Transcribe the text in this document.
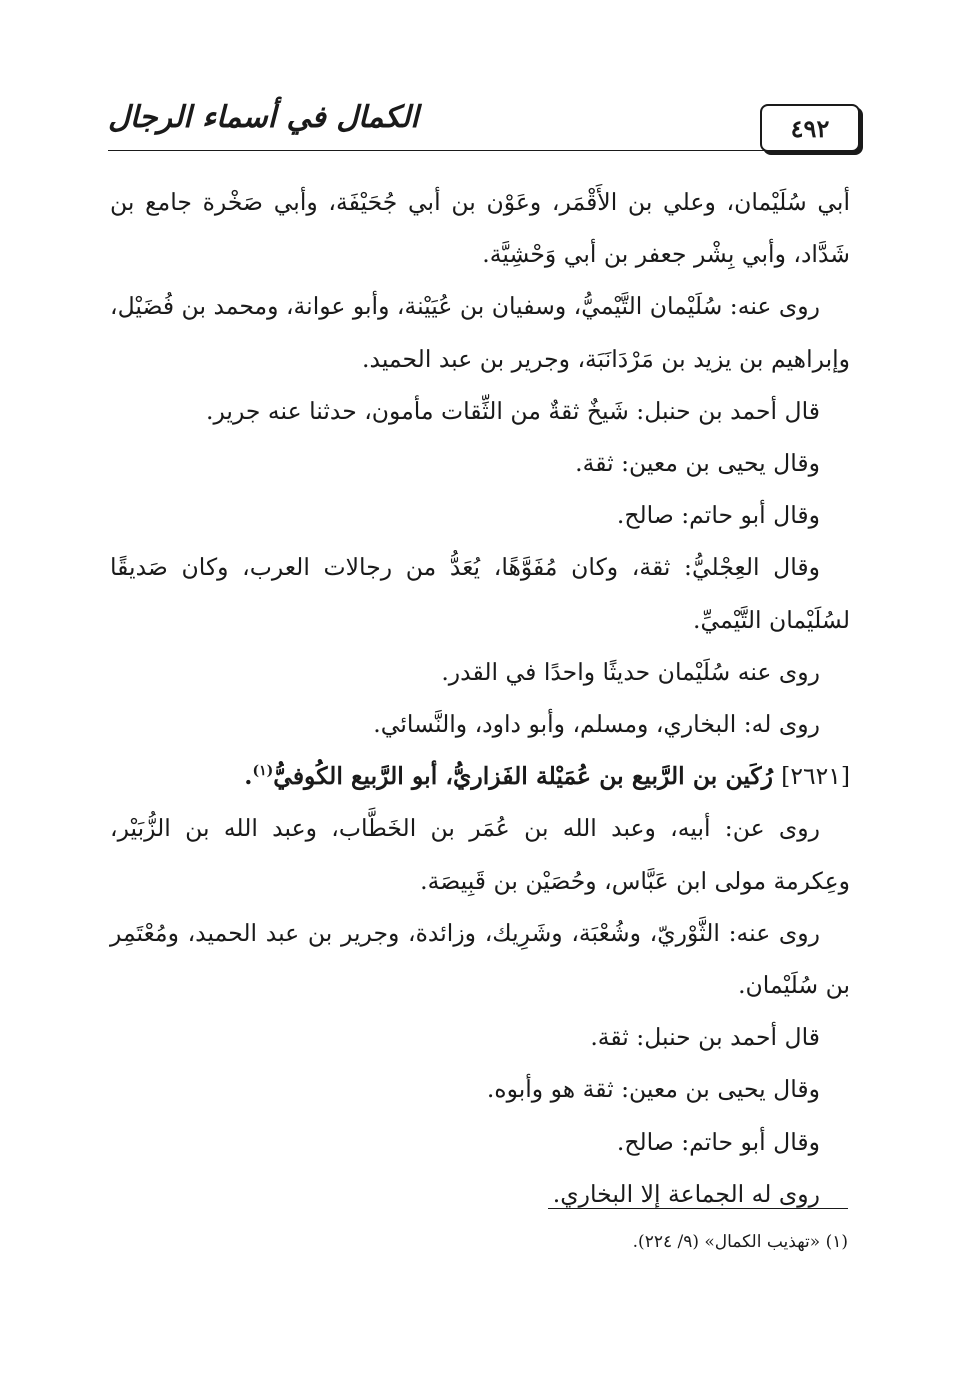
٤٩٢
الكمال في أسماء الرجال

أبي سُلَيْمان، وعلي بن الأَقْمَر، وعَوْن بن أبي جُحَيْفَة، وأبي صَخْرة جامع بن شَدَّاد، وأبي بِشْر جعفر بن أبي وَحْشِيَّة.

روى عنه: سُلَيْمان التَّيْميُّ، وسفيان بن عُيَيْنة، وأبو عوانة، ومحمد بن فُضَيْل، وإبراهيم بن يزيد بن مَرْدَانَبَة، وجرير بن عبد الحميد.

قال أحمد بن حنبل: شَيخٌ ثقةٌ من الثِّقات مأمون، حدثنا عنه جرير.

وقال يحيى بن معين: ثقة.

وقال أبو حاتم: صالح.

وقال العِجْليُّ: ثقة، وكان مُفَوَّهًا، يُعَدُّ من رجالات العرب، وكان صَديقًا لسُلَيْمان التَّيْميِّ.

روى عنه سُلَيْمان حديثًا واحدًا في القدر.

روى له: البخاري، ومسلم، وأبو داود، والنَّسائي.

[٢٦٢١] رُكَين بن الرَّبيع بن عُمَيْلة الفَزاريُّ، أبو الرَّبيع الكُوفيُّ$^{(١)}$.

روى عن: أبيه، وعبد الله بن عُمَر بن الخَطَّاب، وعبد الله بن الزُّبَيْر، وعِكرمة مولى ابن عَبَّاس، وحُصَيْن بن قَبِيصَة.

روى عنه: الثَّوْريّ، وشُعْبَة، وشَرِيك، وزائدة، وجرير بن عبد الحميد، ومُعْتَمِر بن سُلَيْمان.

قال أحمد بن حنبل: ثقة.

وقال يحيى بن معين: ثقة هو وأبوه.

وقال أبو حاتم: صالح.

روى له الجماعة إلا البخاري.

(١) «تهذيب الكمال» (٩/ ٢٢٤).
